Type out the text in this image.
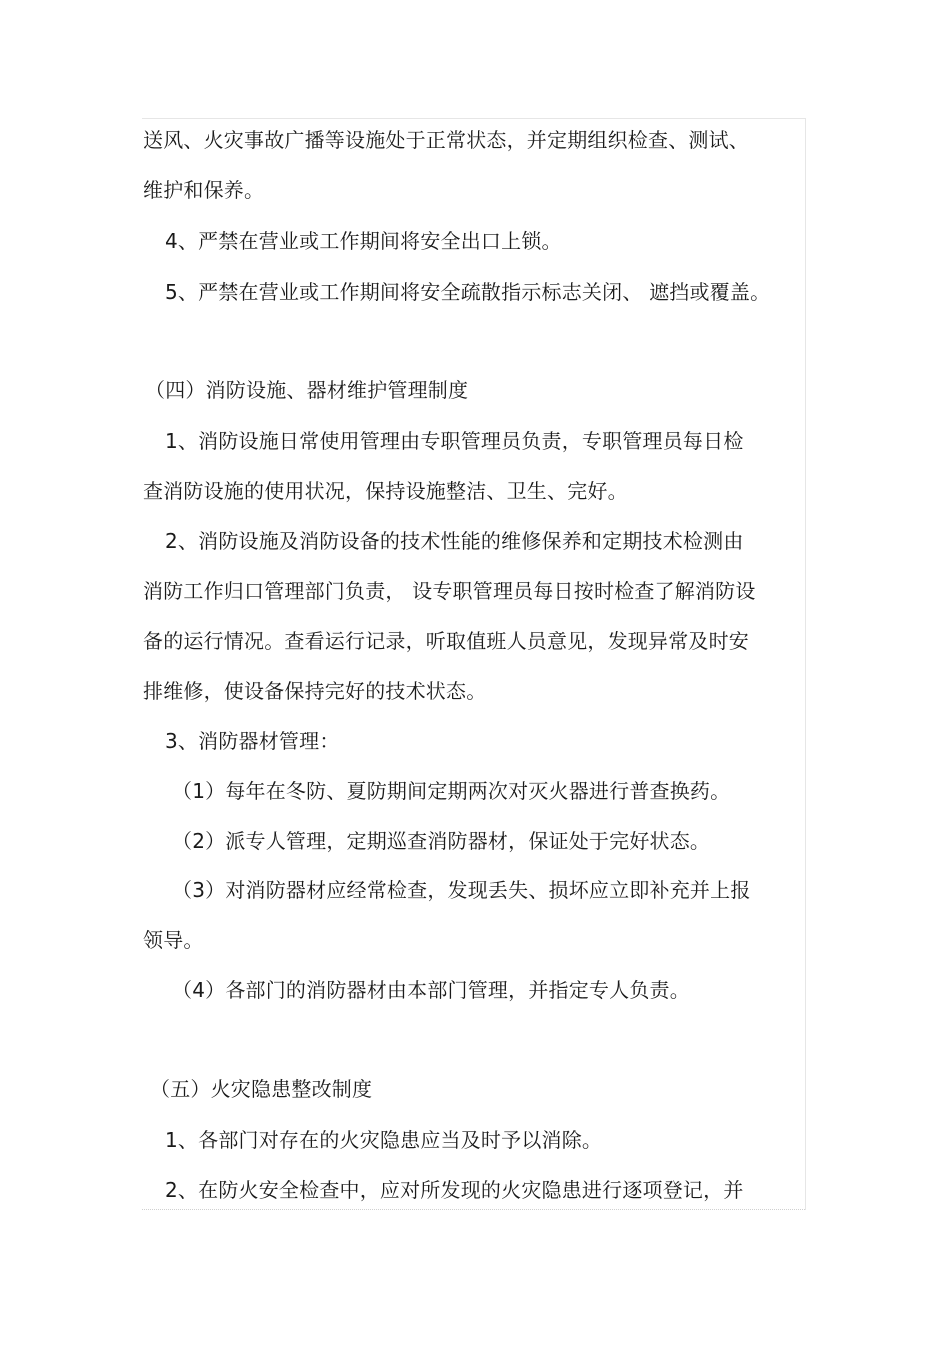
送风、火灾事故广播等设施处于正常状态，并定期组织检查、测试、
维护和保养。
4、严禁在营业或工作期间将安全出口上锁。
5、严禁在营业或工作期间将安全疏散指示标志关闭、 遮挡或覆盖。
（四）消防设施、器材维护管理制度
1、消防设施日常使用管理由专职管理员负责，专职管理员每日检
查消防设施的使用状况，保持设施整洁、卫生、完好。
2、消防设施及消防设备的技术性能的维修保养和定期技术检测由
消防工作归口管理部门负责， 设专职管理员每日按时检查了解消防设
备的运行情况。查看运行记录，听取值班人员意见，发现异常及时安
排维修，使设备保持完好的技术状态。
3、消防器材管理：
（1）每年在冬防、夏防期间定期两次对灭火器进行普查换药。
（2）派专人管理，定期巡查消防器材，保证处于完好状态。
（3）对消防器材应经常检查，发现丢失、损坏应立即补充并上报
领导。
（4）各部门的消防器材由本部门管理，并指定专人负责。
（五）火灾隐患整改制度
1、各部门对存在的火灾隐患应当及时予以消除。
2、在防火安全检查中，应对所发现的火灾隐患进行逐项登记，并
